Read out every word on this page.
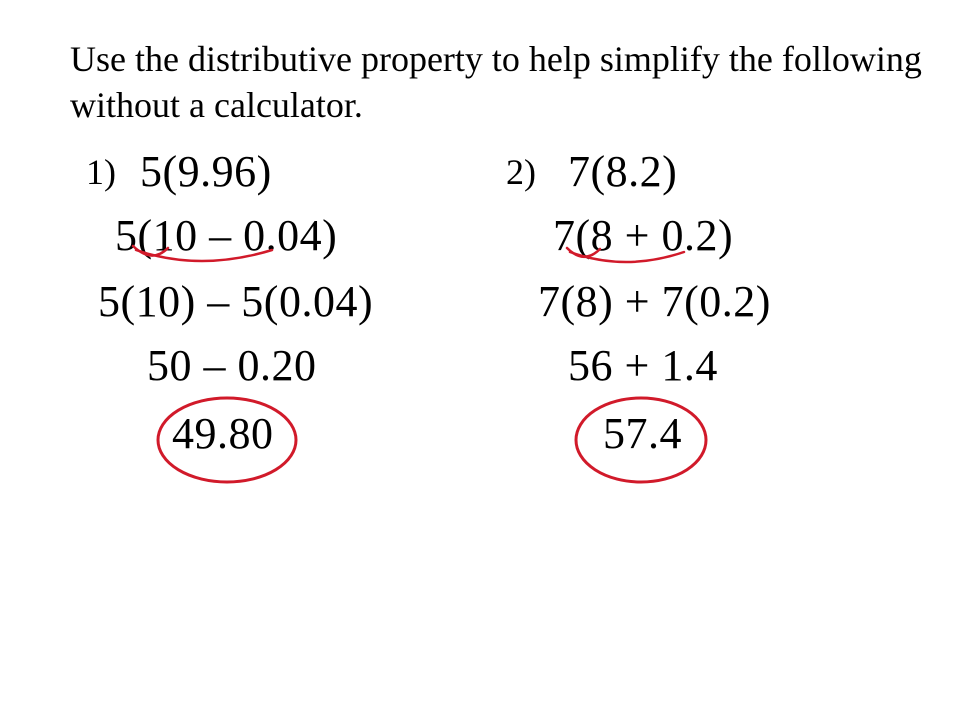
Use the distributive property to help simplify the following without a calculator.

1) 5(9.96)
5(10 – 0.04)
5(10) – 5(0.04)
50 – 0.20
49.80
2) 7(8.2)
7(8 + 0.2)
7(8) + 7(0.2)
56 + 1.4
57.4
